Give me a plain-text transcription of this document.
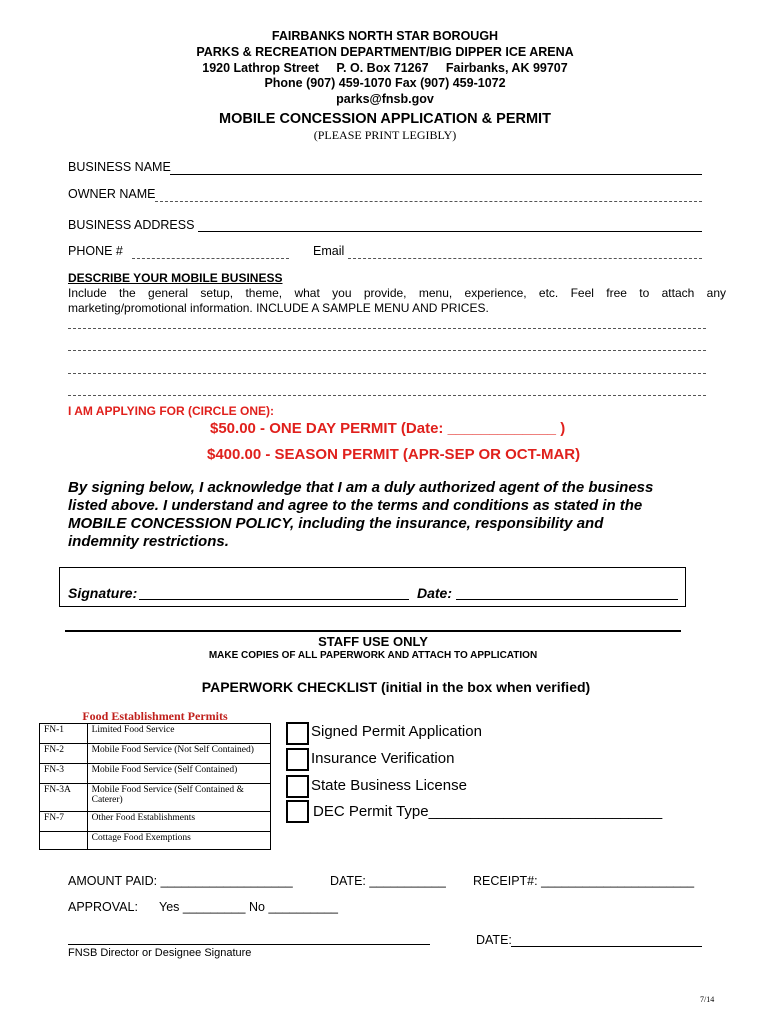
FAIRBANKS NORTH STAR BOROUGH
PARKS & RECREATION DEPARTMENT/BIG DIPPER ICE ARENA
1920 Lathrop Street     P. O. Box 71267     Fairbanks, AK 99707
Phone (907) 459-1070 Fax (907) 459-1072
parks@fnsb.gov
MOBILE CONCESSION APPLICATION & PERMIT
(PLEASE PRINT LEGIBLY)
BUSINESS NAME
OWNER NAME
BUSINESS ADDRESS
PHONE #	Email
DESCRIBE YOUR MOBILE BUSINESS
Include the general setup, theme, what you provide, menu, experience, etc. Feel free to attach any
marketing/promotional information. INCLUDE A SAMPLE MENU AND PRICES.
I AM APPLYING FOR (CIRCLE ONE):
$50.00 - ONE DAY PERMIT (Date: _____________ )
$400.00 - SEASON PERMIT (APR-SEP OR OCT-MAR)
By signing below, I acknowledge that I am a duly authorized agent of the business
listed above. I understand and agree to the terms and conditions as stated in the
MOBILE CONCESSION POLICY, including the insurance, responsibility and
indemnity restrictions.
Signature:	Date:
STAFF USE ONLY
MAKE COPIES OF ALL PAPERWORK AND ATTACH TO APPLICATION
PAPERWORK CHECKLIST (initial in the box when verified)
Food Establishment Permits
FN-1	Limited Food Service
FN-2	Mobile Food Service (Not Self Contained)
FN-3	Mobile Food Service (Self Contained)
FN-3A	Mobile Food Service (Self Contained & Caterer)
FN-7	Other Food Establishments
	Cottage Food Exemptions
Signed Permit Application
Insurance Verification
State Business License
DEC Permit Type____________________________
AMOUNT PAID: ___________________	DATE: ___________ RECEIPT#: ______________________
APPROVAL: Yes _________ No __________
FNSB Director or Designee Signature
DATE:
7/14
